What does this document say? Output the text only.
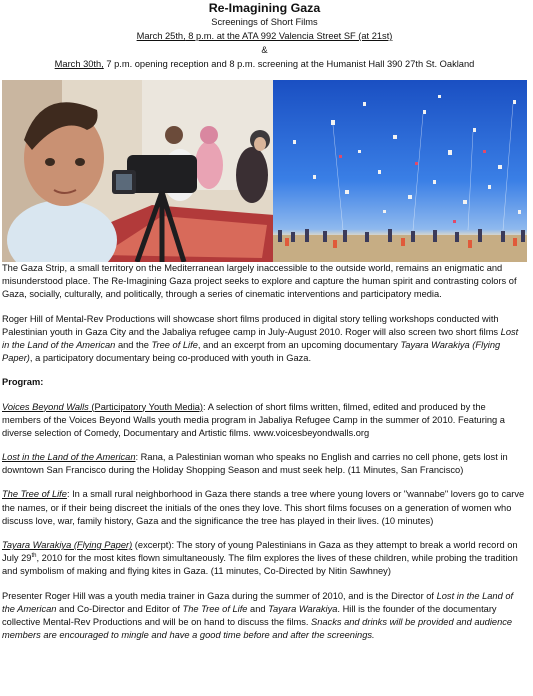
Re-Imagining Gaza
Screenings of Short Films
March 25th, 8 p.m. at the ATA 992 Valencia Street SF (at 21st)
&
March 30th, 7 p.m. opening reception and 8 p.m. screening at the Humanist Hall 390 27th St. Oakland

The Gaza Strip, a small territory on the Mediterranean largely inaccessible to the outside world, remains an enigmatic and misunderstood place. The Re-Imagining Gaza project seeks to explore and capture the human spirit and contrasting colors of Gaza, socially, culturally, and politically, through a series of cinematic interventions and participatory media.

Roger Hill of Mental-Rev Productions will showcase short films produced in digital story telling workshops conducted with Palestinian youth in Gaza City and the Jabaliya refugee camp in July-August 2010. Roger will also screen two short films Lost in the Land of the American and the Tree of Life, and an excerpt from an upcoming documentary Tayara Warakiya (Flying Paper), a participatory documentary being co-produced with youth in Gaza.

Program:

Voices Beyond Walls (Participatory Youth Media): A selection of short films written, filmed, edited and produced by the members of the Voices Beyond Walls youth media program in Jabaliya Refugee Camp in the summer of 2010. Featuring a diverse selection of Comedy, Documentary and Artistic films. www.voicesbeyondwalls.org

Lost in the Land of the American: Rana, a Palestinian woman who speaks no English and carries no cell phone, gets lost in downtown San Francisco during the Holiday Shopping Season and must seek help. (11 Minutes, San Francisco)

The Tree of Life: In a small rural neighborhood in Gaza there stands a tree where young lovers or "wannabe" lovers go to carve the names, or if their being discreet the initials of the ones they love. This short films focuses on a generation of women who discuss love, war, family history, Gaza and the significance the tree has played in their lives. (10 minutes)

Tayara Warakiya (Flying Paper) (excerpt): The story of young Palestinians in Gaza as they attempt to break a world record on July 29th, 2010 for the most kites flown simultaneously. The film explores the lives of these children, while probing the tradition and symbolism of making and flying kites in Gaza. (11 minutes, Co-Directed by Nitin Sawhney)

Presenter Roger Hill was a youth media trainer in Gaza during the summer of 2010, and is the Director of Lost in the Land of the American and Co-Director and Editor of The Tree of Life and Tayara Warakiya. Hill is the founder of the documentary collective Mental-Rev Productions and will be on hand to discuss the films. Snacks and drinks will be provided and audience members are encouraged to mingle and have a good time before and after the screenings.
